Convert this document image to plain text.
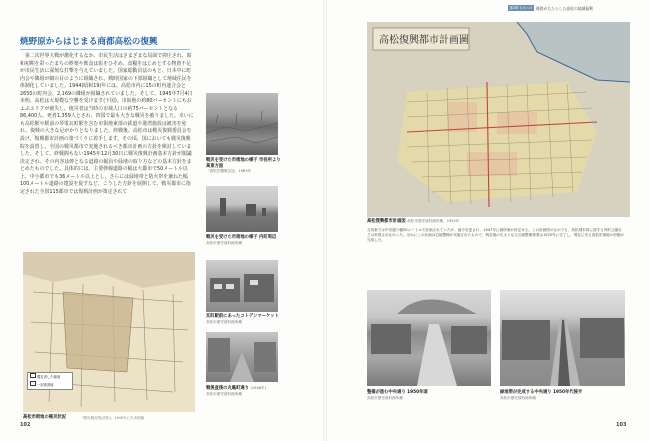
焼野原からはじまる商都高松の復興

第二次世界大戦が激化するなか、市民生活はさまざまな局面で抑圧され、昭和初期を彩ったまちの娯楽や飲食は影をひそめ、食糧をはじめとする物資不足が市民生活に深刻な打撃を与えていました。国家総動員法のもと、日本中に町内会や隣組が網の目のように組織され、戦時国家の下部組織として地域住民を体制化していました。1944(昭和19)年には、高松市内に15の町内連合会と2650の町内会、2,169の隣組が組織されていました。そして、1945年7月4日未明、高松は大規模な空襲を受けます(下図)。市街地の約80パーセントにもおよぶエリアが焼失し、焼災者は当時の市域人口の約75パーセントとなる86,400人、死者1,359人とされ、四国で最も大きな戦災を被りました。幸いにも高松駅や駅前の琴電瓦町駅を含む市街地東部の鉄道や港湾施設は被害を免れ、復興の大きな足がかりとなりました。終戦後、高松市は戦災復興委員会を設け、復興都市計画の策づくりに着手します。その頃、国においても戦災復興院を設置し、全国の戦災都市で実施されるべき都市計画の方針を検討していました。そして、終戦間もない1945年12月30日に戦災復興計画基本方針が閣議決定され、その内容は幹となる道路の幅員や緑地の取り方などの基本方針をまとめたものでした。具体的には、主要幹線道路の幅は大都市で50メートル以上、中小都市でも36メートル以上とし、さらには緑地帯と防火帯を兼ねた幅100メートル道路の建設を促すなど、こうした方針を展開して、戦災都市に指定された全国115都市では復興計画が策定されて

戦災を受けた市街地の様子 市役所より高東方面
「高松空襲戦災誌」1983年
戦災を受けた市街地の様子 内町周辺
高松市歴史資料館所蔵
瓦町駅前にあったコトデンマーケット
高松市歴史資料館所蔵
戦後直後の丸亀町通り (1948年)
高松市歴史資料館所蔵
罹災者した地域
一部被害地
高松市街地の罹災状況	「戦災概況図(高松)」1945年に久米恒隆
102
第2章 ちかっけ 篠鉄がもたらした高松の地域振興
高松復興都市計画圖
高松復興都市計画図 高松市歴史資料館所蔵、1952年
当初案では中央通り幅50メートルで計画されていたが、縮小変更され、1947年に最終案が決定せる。この計画図のなかでも、高松城本郭に面する内町公園などは実現されなかった。ほかにこの計画は宅地整理が実施されたもので、戦災後の広大となる区画整理事業は1970年に完了し、現在に至る高松市街地の形態が完成した。
整備が進む中央通り 1950年頃
高松市歴史資料館所蔵
緑地帯が完成する中央通り 1950年代後半
高松市歴史資料館所蔵
103
